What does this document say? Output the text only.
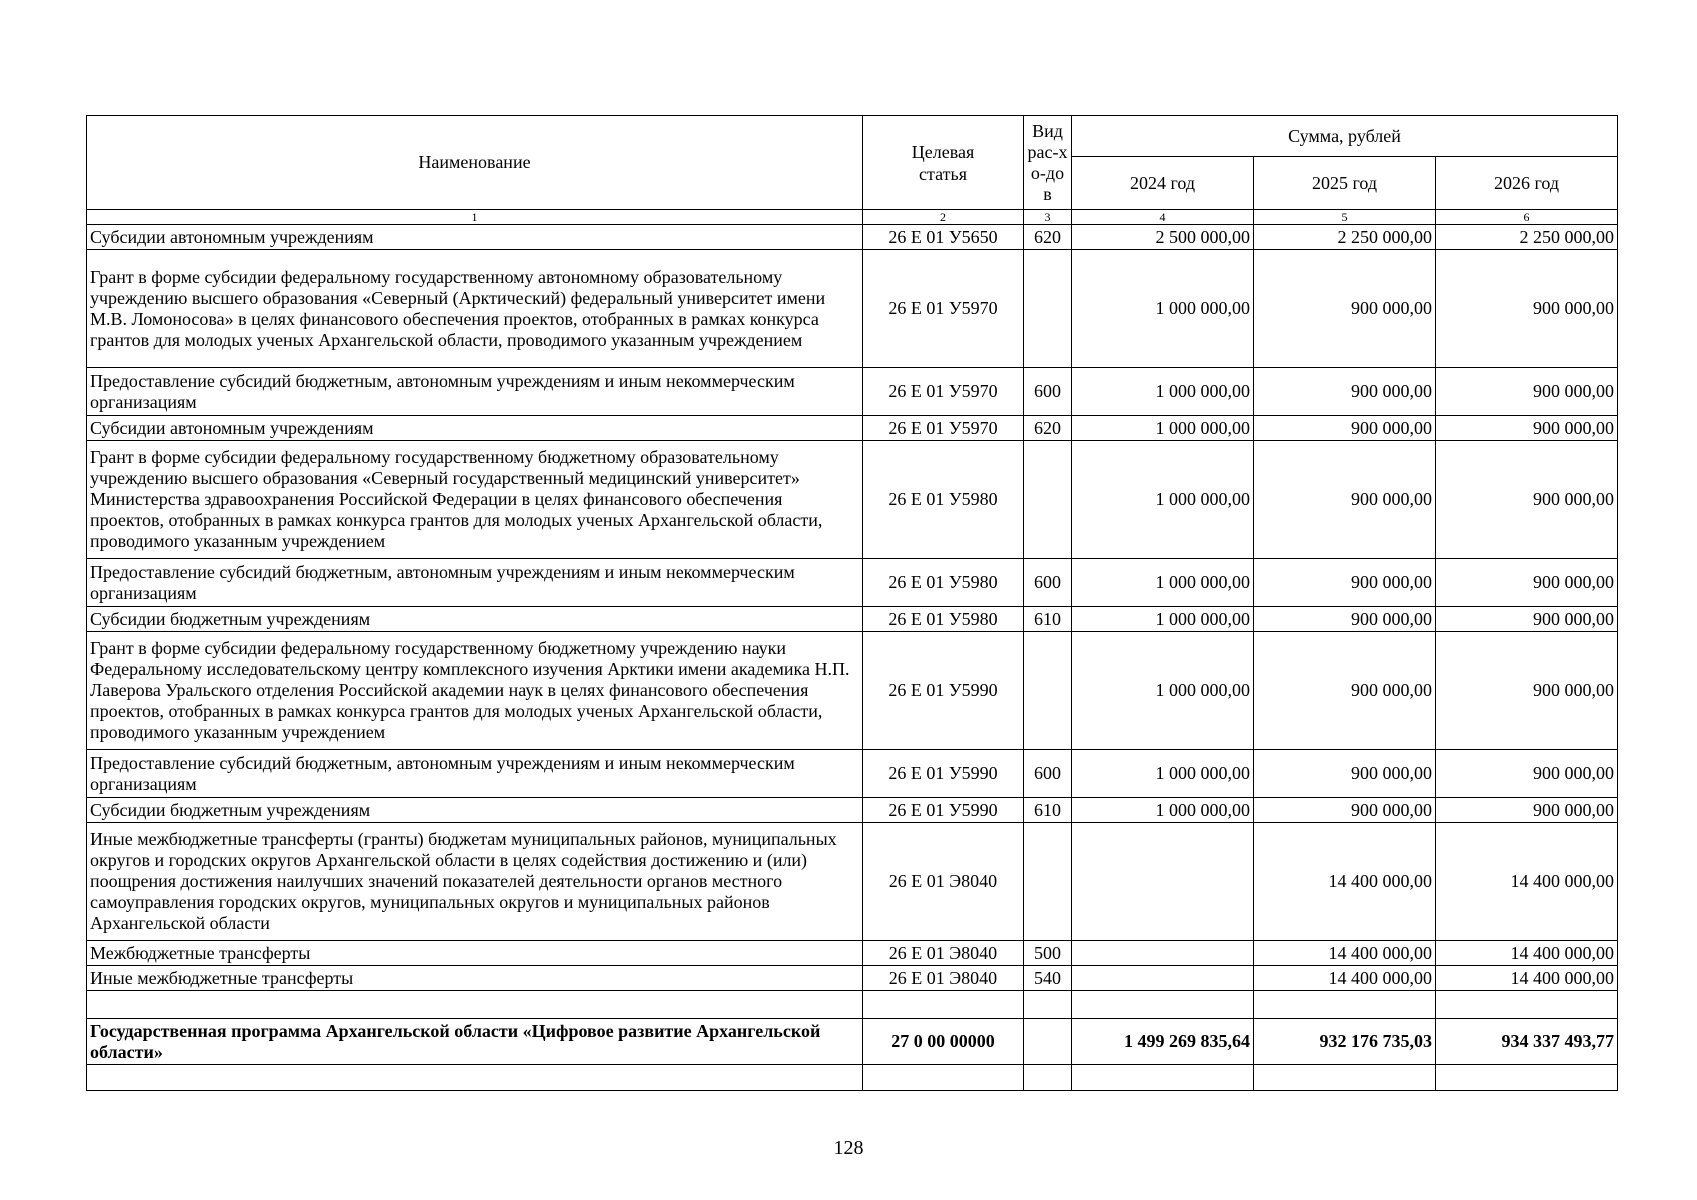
Наименование	Целевая статья	Вид рас-хо-дов	Сумма, рублей		
			2024 год	2025 год	2026 год
1	2	3	4	5	6
Субсидии автономным учреждениям	26 Е 01 У5650	620	2 500 000,00	2 250 000,00	2 250 000,00
Грант в форме субсидии федеральному государственному автономному образовательному учреждению высшего образования «Северный (Арктический) федеральный университет имени М.В. Ломоносова» в целях финансового обеспечения проектов, отобранных в рамках конкурса грантов для молодых ученых Архангельской области, проводимого указанным учреждением	26 Е 01 У5970		1 000 000,00	900 000,00	900 000,00
Предоставление субсидий бюджетным, автономным учреждениям и иным некоммерческим организациям	26 Е 01 У5970	600	1 000 000,00	900 000,00	900 000,00
Субсидии автономным учреждениям	26 Е 01 У5970	620	1 000 000,00	900 000,00	900 000,00
Грант в форме субсидии федеральному государственному бюджетному образовательному учреждению высшего образования «Северный государственный медицинский университет» Министерства здравоохранения Российской Федерации в целях финансового обеспечения проектов, отобранных в рамках конкурса грантов для молодых ученых Архангельской области, проводимого указанным учреждением	26 Е 01 У5980		1 000 000,00	900 000,00	900 000,00
Предоставление субсидий бюджетным, автономным учреждениям и иным некоммерческим организациям	26 Е 01 У5980	600	1 000 000,00	900 000,00	900 000,00
Субсидии бюджетным учреждениям	26 Е 01 У5980	610	1 000 000,00	900 000,00	900 000,00
Грант в форме субсидии федеральному государственному бюджетному учреждению науки Федеральному исследовательскому центру комплексного изучения Арктики имени академика Н.П. Лаверова Уральского отделения Российской академии наук в целях финансового обеспечения проектов, отобранных в рамках конкурса грантов для молодых ученых Архангельской области, проводимого указанным учреждением	26 Е 01 У5990		1 000 000,00	900 000,00	900 000,00
Предоставление субсидий бюджетным, автономным учреждениям и иным некоммерческим организациям	26 Е 01 У5990	600	1 000 000,00	900 000,00	900 000,00
Субсидии бюджетным учреждениям	26 Е 01 У5990	610	1 000 000,00	900 000,00	900 000,00
Иные межбюджетные трансферты (гранты) бюджетам муниципальных районов, муниципальных округов и городских округов Архангельской области в целях содействия достижению и (или) поощрения достижения наилучших значений показателей деятельности органов местного самоуправления городских округов, муниципальных округов и муниципальных районов Архангельской области	26 Е 01 Э8040			14 400 000,00	14 400 000,00
Межбюджетные трансферты	26 Е 01 Э8040	500		14 400 000,00	14 400 000,00
Иные межбюджетные трансферты	26 Е 01 Э8040	540		14 400 000,00	14 400 000,00

Государственная программа Архангельской области «Цифровое развитие Архангельской области»	27 0 00 00000		1 499 269 835,64	932 176 735,03	934 337 493,77

128
